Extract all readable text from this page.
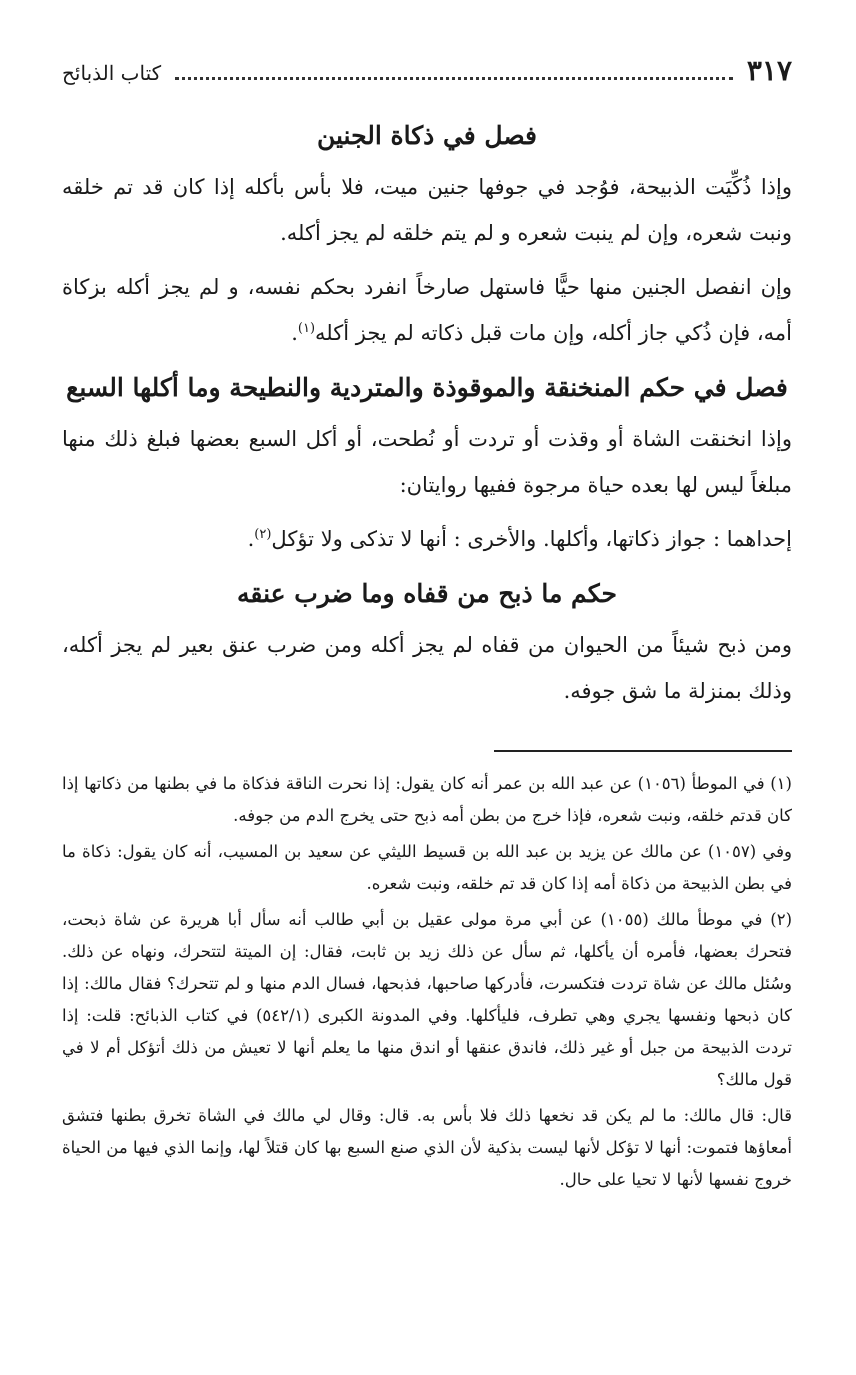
٣١٧
كتاب الذبائح
فصل في ذكاة الجنين

وإذا ذُكِّيَت الذبيحة، فوُجد في جوفها جنين ميت، فلا بأس بأكله إذا كان قد تم خلقه ونبت شعره، وإن لم ينبت شعره و لم يتم خلقه لم يجز أكله.

وإن انفصل الجنين منها حيًّا فاستهل صارخاً انفرد بحكم نفسه، و لم يجز أكله بزكاة أمه، فإن ذُكي جاز أكله، وإن مات قبل ذكاته لم يجز أكله$^{(١)}$.

فصل في حكم المنخنقة والموقوذة والمتردية والنطيحة وما أكلها السبع

وإذا انخنقت الشاة أو وقذت أو تردت أو نُطحت، أو أكل السبع بعضها فبلغ ذلك منها مبلغاً ليس لها بعده حياة مرجوة ففيها روايتان:

إحداهما : جواز ذكاتها، وأكلها. والأخرى : أنها لا تذكى ولا تؤكل$^{(٢)}$.

حكم ما ذبح من قفاه وما ضرب عنقه

ومن ذبح شيئاً من الحيوان من قفاه لم يجز أكله ومن ضرب عنق بعير لم يجز أكله، وذلك بمنزلة ما شق جوفه.

(١) في الموطأ (١٠٥٦) عن عبد الله بن عمر أنه كان يقول: إذا نحرت الناقة فذكاة ما في بطنها من ذكاتها إذا كان قدتم خلقه، ونبت شعره، فإذا خرج من بطن أمه ذبح حتى يخرج الدم من جوفه.

وفي (١٠٥٧) عن مالك عن يزيد بن عبد الله بن قسيط الليثي عن سعيد بن المسيب، أنه كان يقول: ذكاة ما في بطن الذبيحة من ذكاة أمه إذا كان قد تم خلقه، ونبت شعره.

(٢) في موطأ مالك (١٠٥٥) عن أبي مرة مولى عقيل بن أبي طالب أنه سأل أبا هريرة عن شاة ذبحت، فتحرك بعضها، فأمره أن يأكلها، ثم سأل عن ذلك زيد بن ثابت، فقال: إن الميتة لتتحرك، ونهاه عن ذلك. وسُئل مالك عن شاة تردت فتكسرت، فأدركها صاحبها، فذبحها، فسال الدم منها و لم تتحرك؟ فقال مالك: إذا كان ذبحها ونفسها يجري وهي تطرف، فليأكلها. وفي المدونة الكبرى (٥٤٢/١) في كتاب الذبائح: قلت: إذا تردت الذبيحة من جبل أو غير ذلك، فاندق عنقها أو اندق منها ما يعلم أنها لا تعيش من ذلك أتؤكل أم لا في قول مالك؟

قال: قال مالك: ما لم يكن قد نخعها ذلك فلا بأس به. قال: وقال لي مالك في الشاة تخرق بطنها فتشق أمعاؤها فتموت: أنها لا تؤكل لأنها ليست بذكية لأن الذي صنع السبع بها كان قتلاً لها، وإنما الذي فيها من الحياة خروج نفسها لأنها لا تحيا على حال.
